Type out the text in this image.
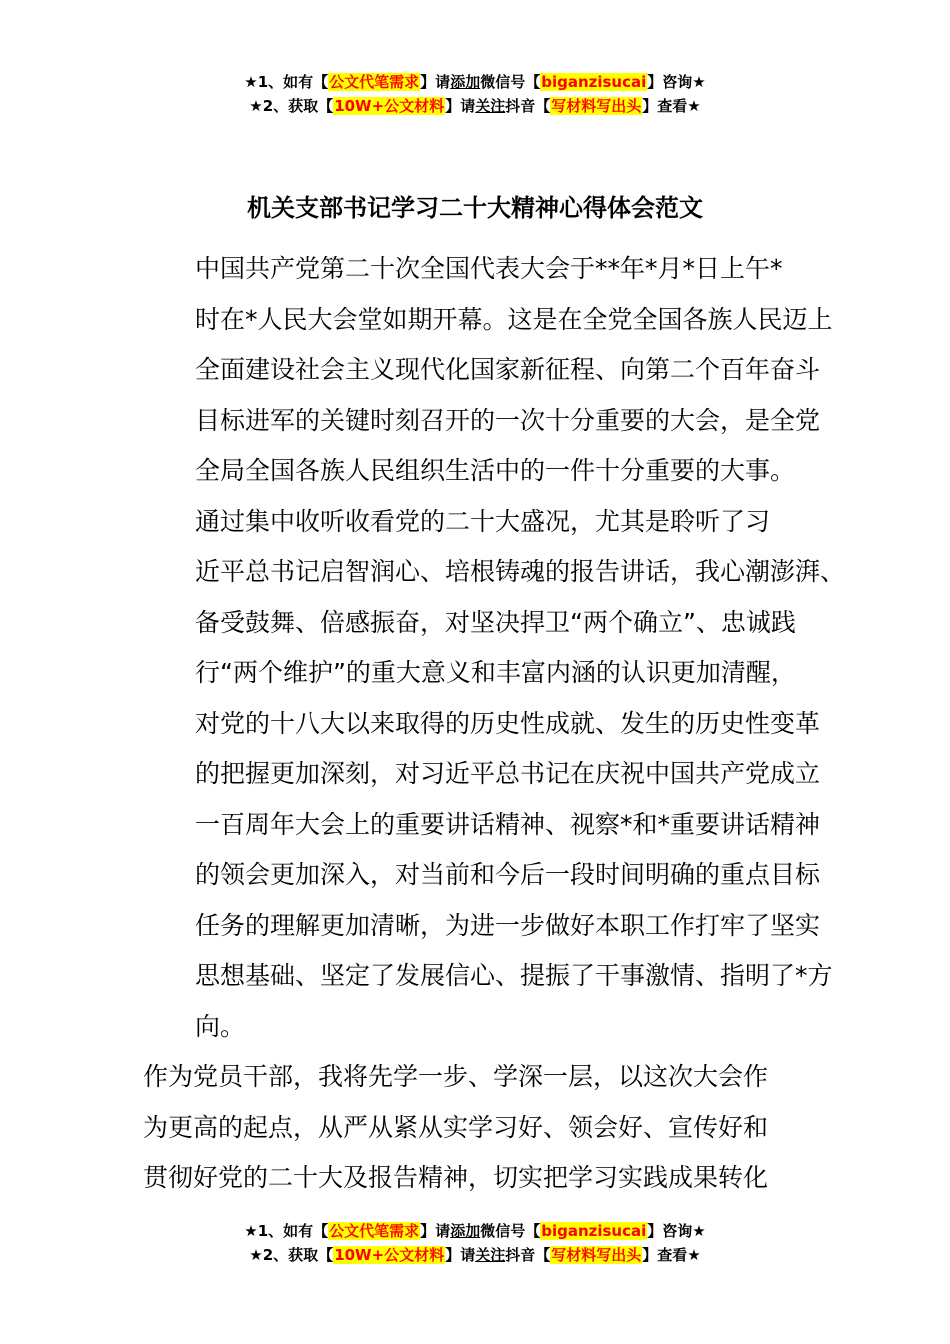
★1、如有【公文代笔需求】请添加微信号【biganzisucai】咨询★
★2、获取【10W+公文材料】请关注抖音【写材料写出头】查看★
机关支部书记学习二十大精神心得体会范文

中国共产党第二十次全国代表大会于**年*月*日上午*
时在*人民大会堂如期开幕。这是在全党全国各族人民迈上
全面建设社会主义现代化国家新征程、向第二个百年奋斗
目标进军的关键时刻召开的一次十分重要的大会，是全党
全局全国各族人民组织生活中的一件十分重要的大事。

通过集中收听收看党的二十大盛况，尤其是聆听了习
近平总书记启智润心、培根铸魂的报告讲话，我心潮澎湃、
备受鼓舞、倍感振奋，对坚决捍卫“两个确立”、忠诚践
行“两个维护”的重大意义和丰富内涵的认识更加清醒，
对党的十八大以来取得的历史性成就、发生的历史性变革
的把握更加深刻，对习近平总书记在庆祝中国共产党成立
一百周年大会上的重要讲话精神、视察*和*重要讲话精神
的领会更加深入，对当前和今后一段时间明确的重点目标
任务的理解更加清晰，为进一步做好本职工作打牢了坚实
思想基础、坚定了发展信心、提振了干事激情、指明了*方
向。

作为党员干部，我将先学一步、学深一层，以这次大会作
为更高的起点，从严从紧从实学习好、领会好、宣传好和
贯彻好党的二十大及报告精神，切实把学习实践成果转化

★1、如有【公文代笔需求】请添加微信号【biganzisucai】咨询★
★2、获取【10W+公文材料】请关注抖音【写材料写出头】查看★
